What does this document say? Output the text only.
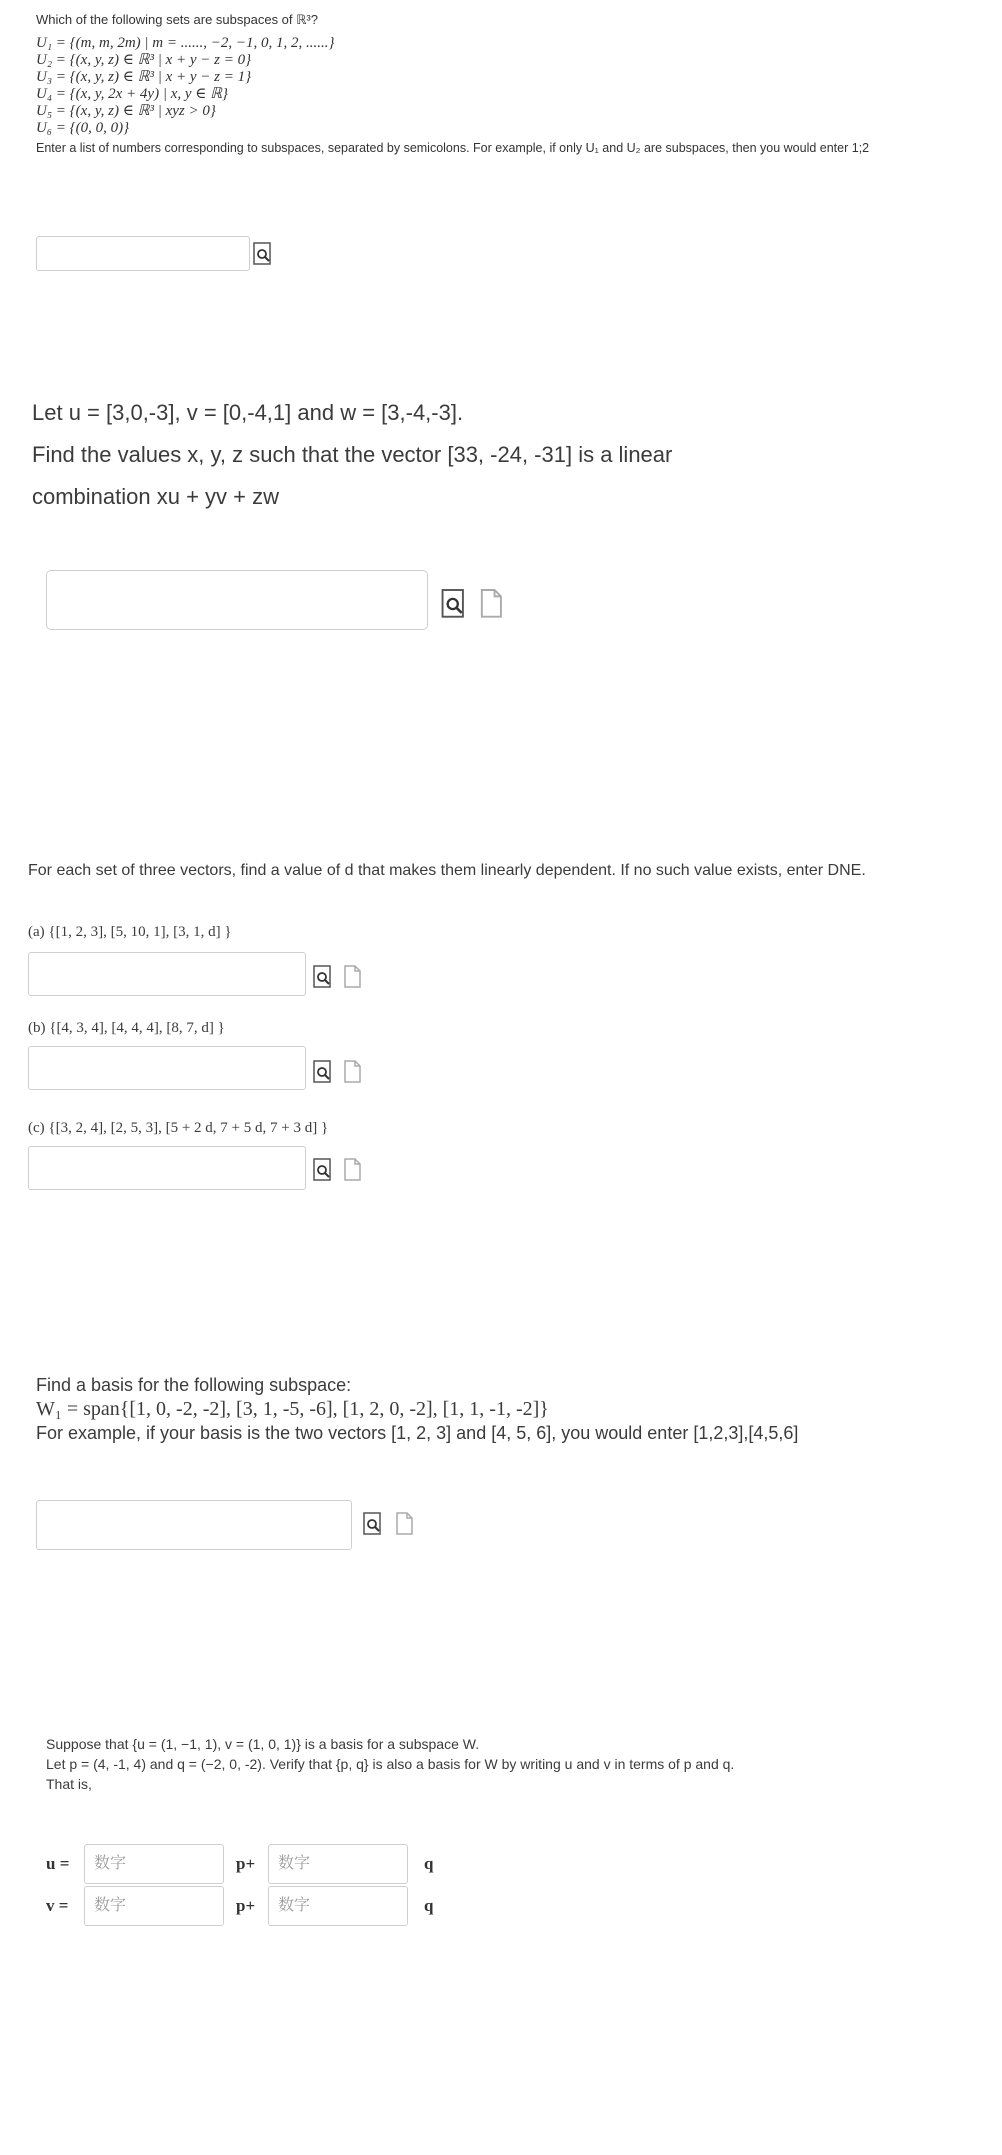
Which of the following sets are subspaces of ℝ³?
U₁ = {(m, m, 2m) | m = ......, −2, −1, 0, 1, 2, ......}
U₂ = {(x, y, z) ∈ ℝ³ | x + y − z = 0}
U₃ = {(x, y, z) ∈ ℝ³ | x + y − z = 1}
U₄ = {(x, y, 2x + 4y) | x, y ∈ ℝ}
U₅ = {(x, y, z) ∈ ℝ³ | xyz > 0}
U₆ = {(0, 0, 0)}
Enter a list of numbers corresponding to subspaces, separated by semicolons. For example, if only U₁ and U₂ are subspaces, then you would enter 1;2
Let u = [3,0,-3], v = [0,-4,1] and w = [3,-4,-3].
Find the values x, y, z such that the vector [33, -24, -31] is a linear
combination xu + yv + zw
For each set of three vectors, find a value of d that makes them linearly dependent. If no such value exists, enter DNE.
(a) {[1, 2, 3], [5, 10, 1], [3, 1, d] }
(b) {[4, 3, 4], [4, 4, 4], [8, 7, d] }
(c) {[3, 2, 4], [2, 5, 3], [5 + 2 d, 7 + 5 d, 7 + 3 d] }
Find a basis for the following subspace:
W₁ = span{[1, 0, -2, -2], [3, 1, -5, -6], [1, 2, 0, -2], [1, 1, -1, -2]}
For example, if your basis is the two vectors [1, 2, 3] and [4, 5, 6], you would enter [1,2,3],[4,5,6]
Suppose that {u = (1, −1, 1), v = (1, 0, 1)} is a basis for a subspace W.
Let p = (4, -1, 4) and q = (−2, 0, -2). Verify that {p, q} is also a basis for W by writing u and v in terms of p and q.
That is,
u =	数字	p+	数字	q
v =	数字	p+	数字	q
